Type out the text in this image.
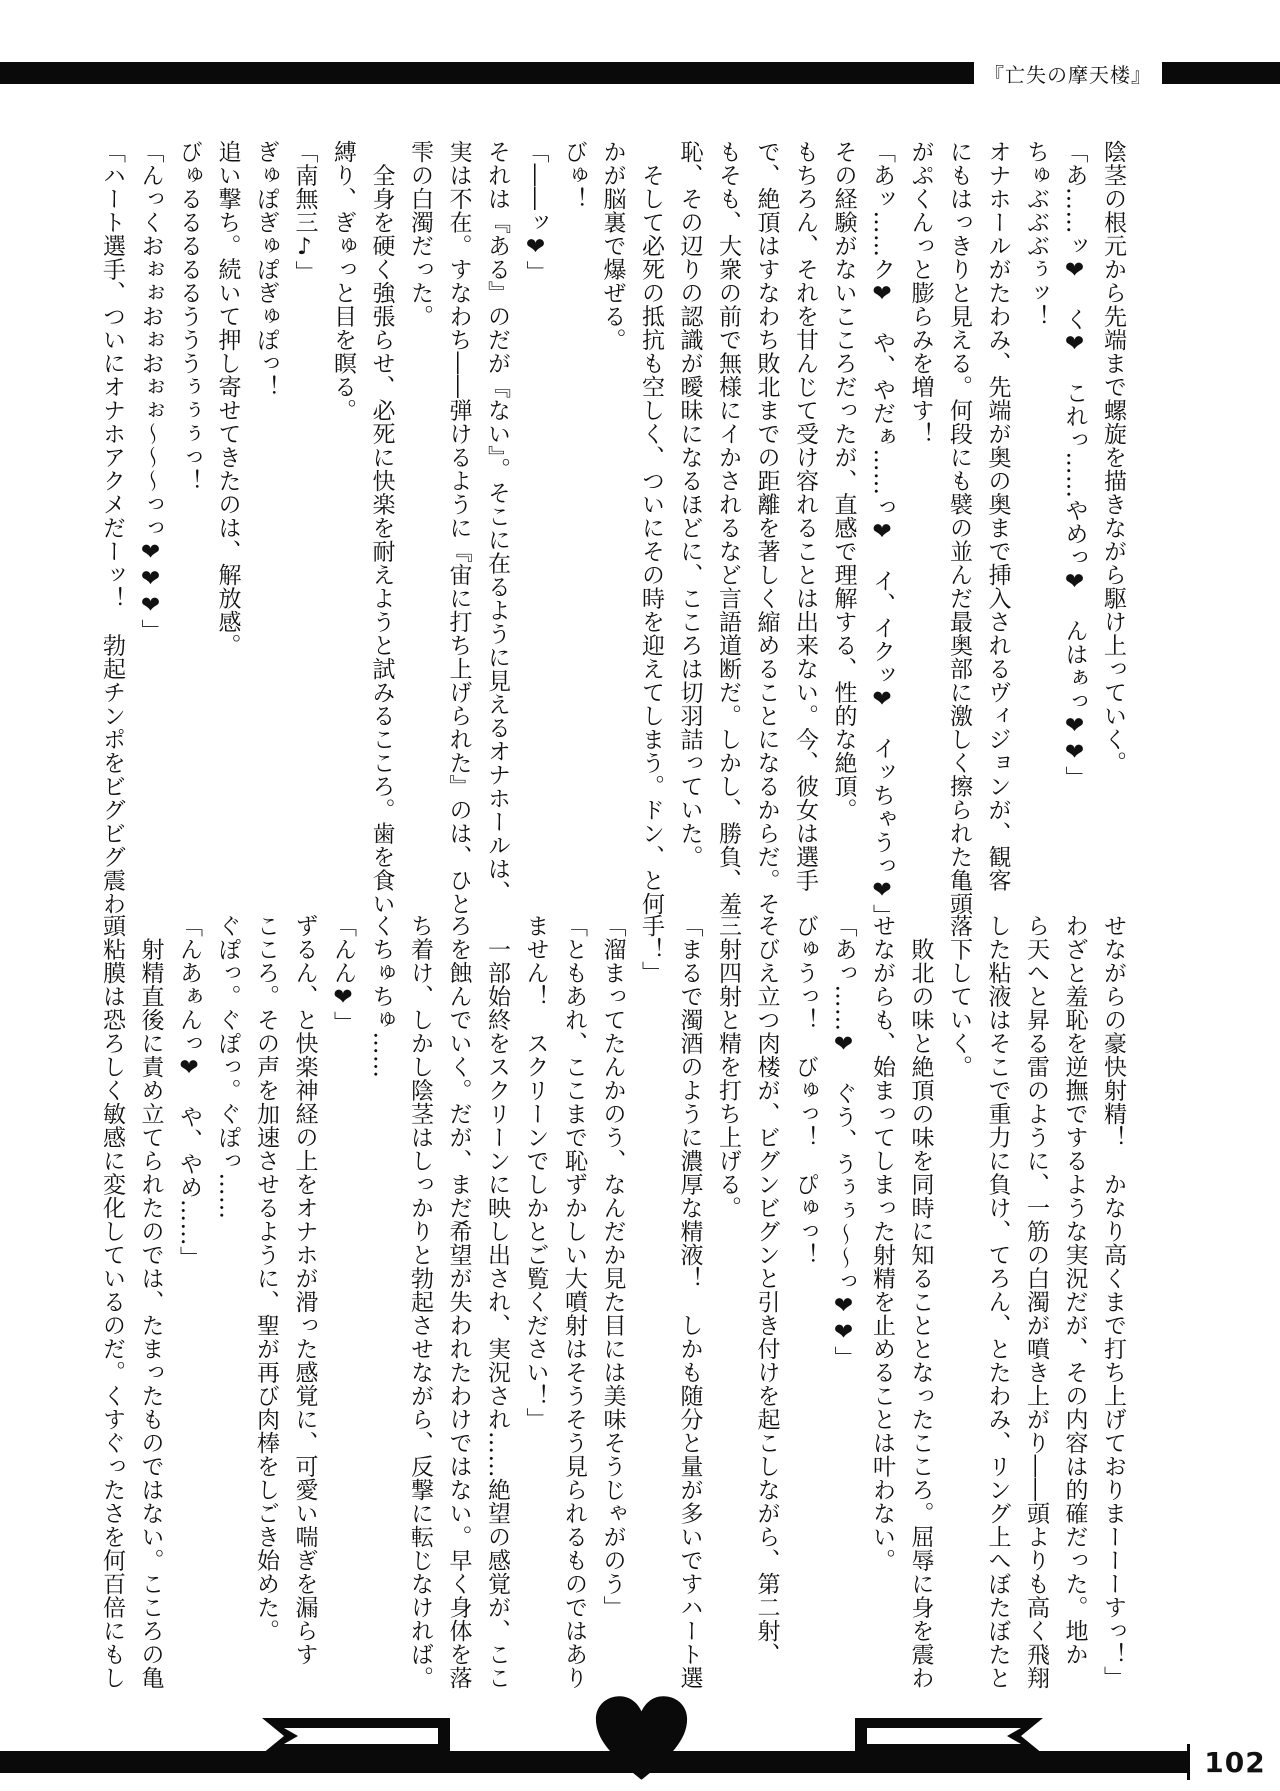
『亡失の摩天楼』
陰茎の根元から先端まで螺旋を描きながら駆け上っていく。
「あ……ッ❤　く❤　これっ……やめっ❤　んはぁっ❤❤」
ちゅぶぶぶぅッ！
オナホールがたわみ、先端が奥の奥まで挿入されるヴィジョンが、観客
にもはっきりと見える。何段にも襞の並んだ最奥部に激しく擦られた亀頭
がぷくんっと膨らみを増す！
「あッ……ク❤　や、やだぁ……っ❤　イ、イクッ❤　イッちゃうっ❤」
その経験がないこころだったが、直感で理解する、性的な絶頂。
もちろん、それを甘んじて受け容れることは出来ない。今、彼女は選手
で、絶頂はすなわち敗北までの距離を著しく縮めることになるからだ。そ
もそも、大衆の前で無様にイかされるなど言語道断だ。しかし、勝負、羞
恥、その辺りの認識が曖昧になるほどに、こころは切羽詰っていた。
　そして必死の抵抗も空しく、ついにその時を迎えてしまう。ドン、と何
かが脳裏で爆ぜる。
びゅ！
「――ッ❤」
それは『ある』のだが『ない』。そこに在るように見えるオナホールは、
実は不在。すなわち――弾けるように『宙に打ち上げられた』のは、ひと
雫の白濁だった。
　全身を硬く強張らせ、必死に快楽を耐えようと試みるこころ。歯を食い
縛り、ぎゅっと目を瞑る。
「南無三♪」
ぎゅぽぎゅぽぎゅぽっ！
追い撃ち。続いて押し寄せてきたのは、解放感。
びゅるるるるるうううぅぅぅっ！
「んっくおぉぉおぉおぉぉ～～～っっ❤❤❤」
「ハート選手、ついにオナホアクメだーッ！　勃起チンポをビグビグ震わ
せながらの豪快射精！　かなり高くまで打ち上げておりまーーーすっ！」
わざと羞恥を逆撫でするような実況だが、その内容は的確だった。地か
ら天へと昇る雷のように、一筋の白濁が噴き上がり――頭よりも高く飛翔
した粘液はそこで重力に負け、てろん、とたわみ、リング上へぼたぼたと
落下していく。
　敗北の味と絶頂の味を同時に知ることとなったこころ。屈辱に身を震わ
せながらも、始まってしまった射精を止めることは叶わない。
「あっ……❤　ぐう、うぅぅ～～っ❤❤」
びゅうっ！　びゅっ！　ぴゅっ！
そびえ立つ肉楼が、ビグンビグンと引き付けを起こしながら、第二射、
三射四射と精を打ち上げる。
「まるで濁酒のように濃厚な精液！　しかも随分と量が多いですハート選
手！」
「溜まってたんかのう、なんだか見た目には美味そうじゃがのう」
「ともあれ、ここまで恥ずかしい大噴射はそうそう見られるものではあり
ません！　スクリーンでしかとご覧ください！」
　一部始終をスクリーンに映し出され、実況され……絶望の感覚が、ここ
ろを蝕んでいく。だが、まだ希望が失われたわけではない。早く身体を落
ち着け、しかし陰茎はしっかりと勃起させながら、反撃に転じなければ。
くちゅちゅ……
「んん❤」
ずるん、と快楽神経の上をオナホが滑った感覚に、可愛い喘ぎを漏らす
こころ。その声を加速させるように、聖が再び肉棒をしごき始めた。
ぐぽっ。ぐぽっ。ぐぽっ……
「んあぁんっ❤　や、やめ……」
　射精直後に責め立てられたのでは、たまったものではない。こころの亀
頭粘膜は恐ろしく敏感に変化しているのだ。くすぐったさを何百倍にもし
102
